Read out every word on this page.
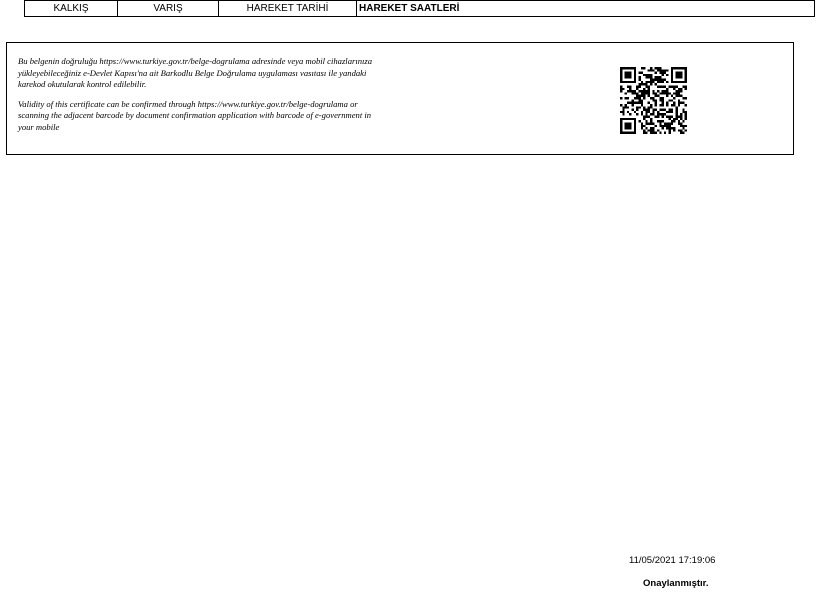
KALKIŞ	VARIŞ	HAREKET TARİHİ	HAREKET SAATLERİ

Bu belgenin doğruluğu https://www.turkiye.gov.tr/belge-dogrulama adresinde veya mobil cihazlarınıza yükleyebileceğiniz e-Devlet Kapısı'na ait Barkodlu Belge Doğrulama uygulaması vasıtası ile yandaki karekod okutularak kontrol edilebilir.

Validity of this certificate can be confirmed through https://www.turkiye.gov.tr/belge-dogrulama or scanning the adjacent barcode by document confirmation application with barcode of e-government in your mobile

11/05/2021 17:19:06
Onaylanmıştır.
